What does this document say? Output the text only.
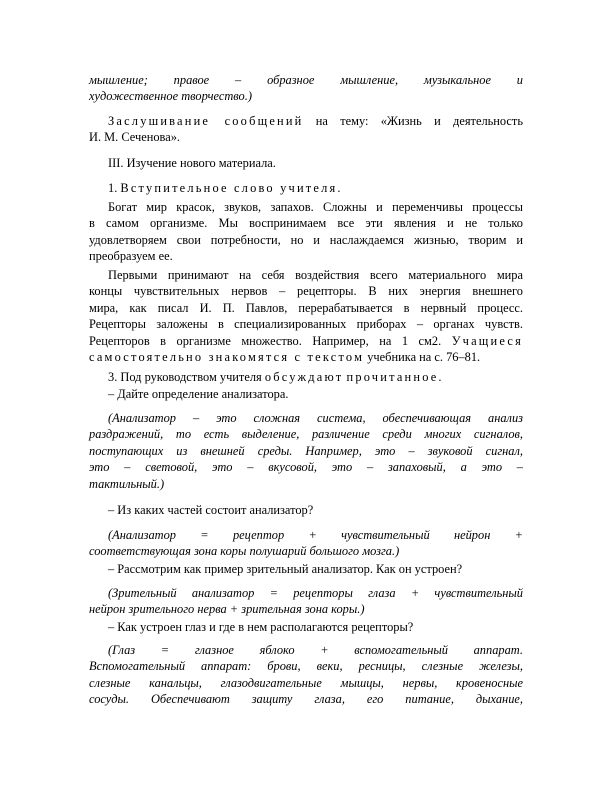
мышление; правое – образное мышление, музыкальное и
художественное творчество.)
Заслушивание сообщений на тему: «Жизнь и деятельность
И. М. Сеченова».
III. Изучение нового материала.
1. Вступительное слово учителя.
Богат мир красок, звуков, запахов. Сложны и переменчивы процессы
в самом организме. Мы воспринимаем все эти явления и не только
удовлетворяем свои потребности, но и наслаждаемся жизнью, творим и
преобразуем ее.
Первыми принимают на себя воздействия всего материального мира
концы чувствительных нервов – рецепторы. В них энергия внешнего
мира, как писал И. П. Павлов, перерабатывается в нервный процесс.
Рецепторы заложены в специализированных приборах – органах чувств.
Рецепторов в организме множество. Например, на 1 см2. Учащиеся
самостоятельно знакомятся с текстом учебника на с. 76–81.
3. Под руководством учителя обсуждают прочитанное.
– Дайте определение анализатора.
(Анализатор – это сложная система, обеспечивающая анализ
раздражений, то есть выделение, различение среди многих сигналов,
поступающих из внешней среды. Например, это – звуковой сигнал,
это – световой, это – вкусовой, это – запаховый, а это –
тактильный.)
– Из каких частей состоит анализатор?
(Анализатор = рецептор + чувствительный нейрон +
соответствующая зона коры полушарий большого мозга.)
– Рассмотрим как пример зрительный анализатор. Как он устроен?
(Зрительный анализатор = рецепторы глаза + чувствительный
нейрон зрительного нерва + зрительная зона коры.)
– Как устроен глаз и где в нем располагаются рецепторы?
(Глаз = глазное яблоко + вспомогательный аппарат.
Вспомогательный аппарат: брови, веки, ресницы, слезные железы,
слезные канальцы, глазодвигательные мышцы, нервы, кровеносные
сосуды. Обеспечивают защиту глаза, его питание, дыхание,
